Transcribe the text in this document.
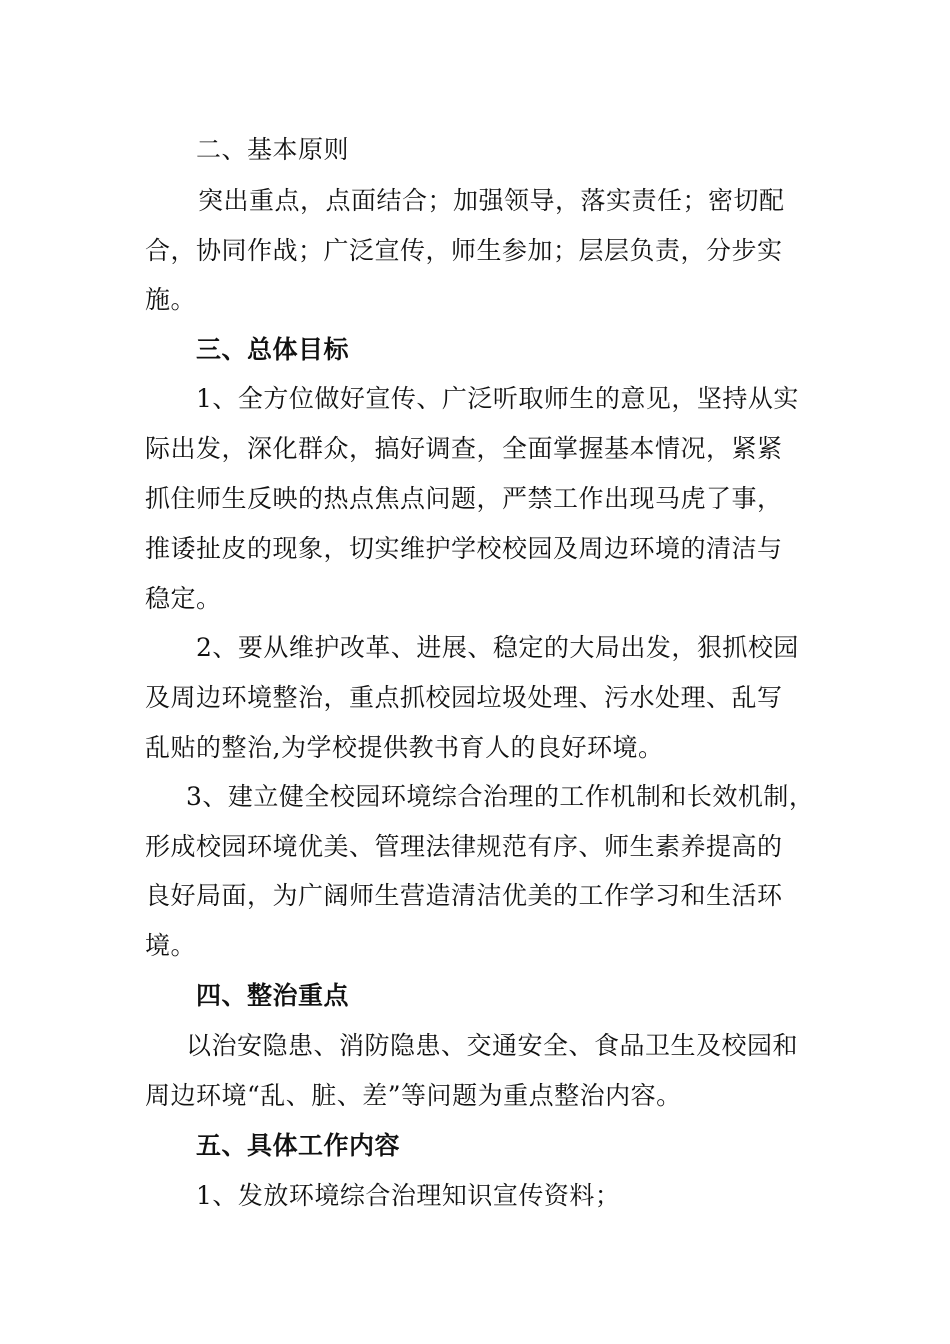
二、基本原则
突出重点，点面结合；加强领导，落实责任；密切配
合，协同作战；广泛宣传，师生参加；层层负责，分步实
施。
三、总体目标
1、全方位做好宣传、广泛听取师生的意见，坚持从实
际出发，深化群众，搞好调查，全面掌握基本情况，紧紧
抓住师生反映的热点焦点问题，严禁工作出现马虎了事，
推诿扯皮的现象，切实维护学校校园及周边环境的清洁与
稳定。
2、要从维护改革、进展、稳定的大局出发，狠抓校园
及周边环境整治，重点抓校园垃圾处理、污水处理、乱写
乱贴的整治,为学校提供教书育人的良好环境。
3、建立健全校园环境综合治理的工作机制和长效机制，
形成校园环境优美、管理法律规范有序、师生素养提高的
良好局面，为广阔师生营造清洁优美的工作学习和生活环
境。
四、整治重点
以治安隐患、消防隐患、交通安全、食品卫生及校园和
周边环境“乱、脏、差”等问题为重点整治内容。
五、具体工作内容
1、发放环境综合治理知识宣传资料；
